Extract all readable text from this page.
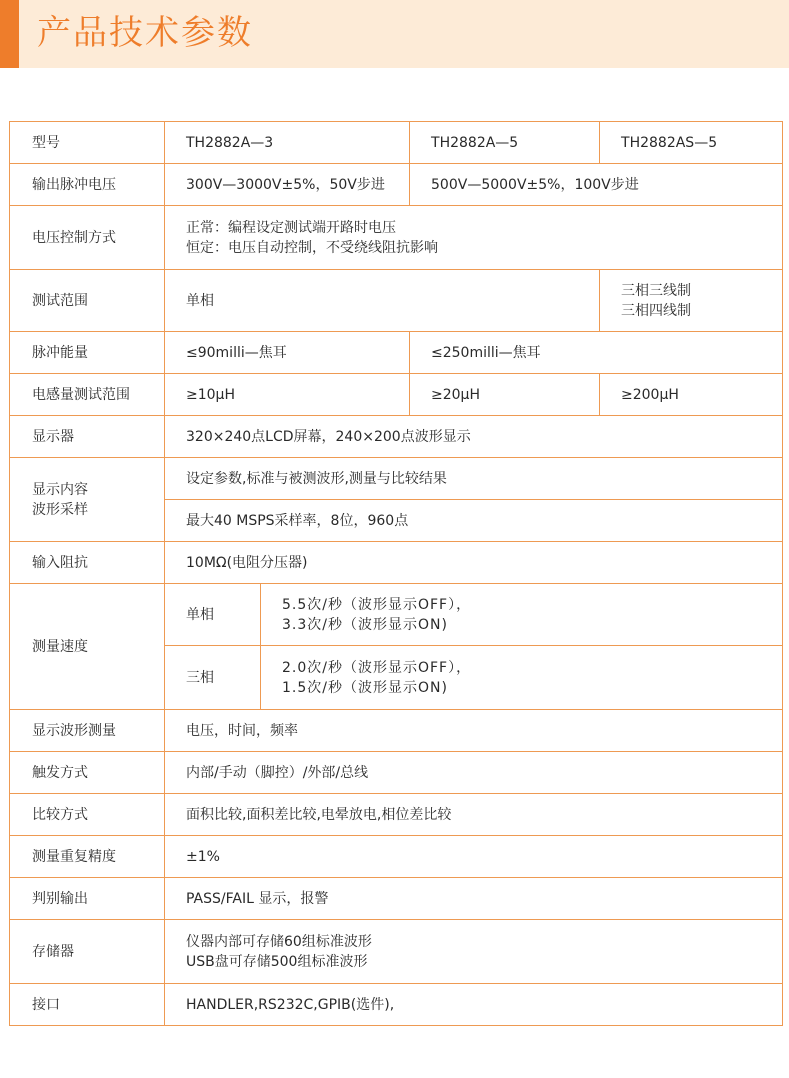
产品技术参数
型号	TH2882A—3		TH2882A—5	TH2882AS—5
输出脉冲电压	300V—3000V±5%，50V步进		500V—5000V±5%，100V步进	
电压控制方式	正常：编程设定测试端开路时电压
恒定：电压自动控制，不受绕线阻抗影响			

测试范围	单相			三相三线制
三相四线制

脉冲能量	≤90milli—焦耳		≤250milli—焦耳	
电感量测试范围	≥10μH		≥20μH	≥200μH
显示器	320×240点LCD屏幕，240×200点波形显示			

显示内容
波形采样	设定参数,标准与被测波形,测量与比较结果			
	最大40 MSPS采样率，8位，960点			
输入阻抗	10MΩ(电阻分压器)			
测量速度	单相	5.5次/秒（波形显示OFF），
3.3次/秒（波形显示ON)		

	三相	2.0次/秒（波形显示OFF），
1.5次/秒（波形显示ON)		

显示波形测量	电压，时间，频率			
触发方式	内部/手动（脚控）/外部/总线			
比较方式	面积比较,面积差比较,电晕放电,相位差比较			
测量重复精度	±1%			
判别输出	PASS/FAIL 显示，报警			
存储器	仪器内部可存储60组标准波形
USB盘可存储500组标准波形			

接口	HANDLER,RS232C,GPIB(选件),			
